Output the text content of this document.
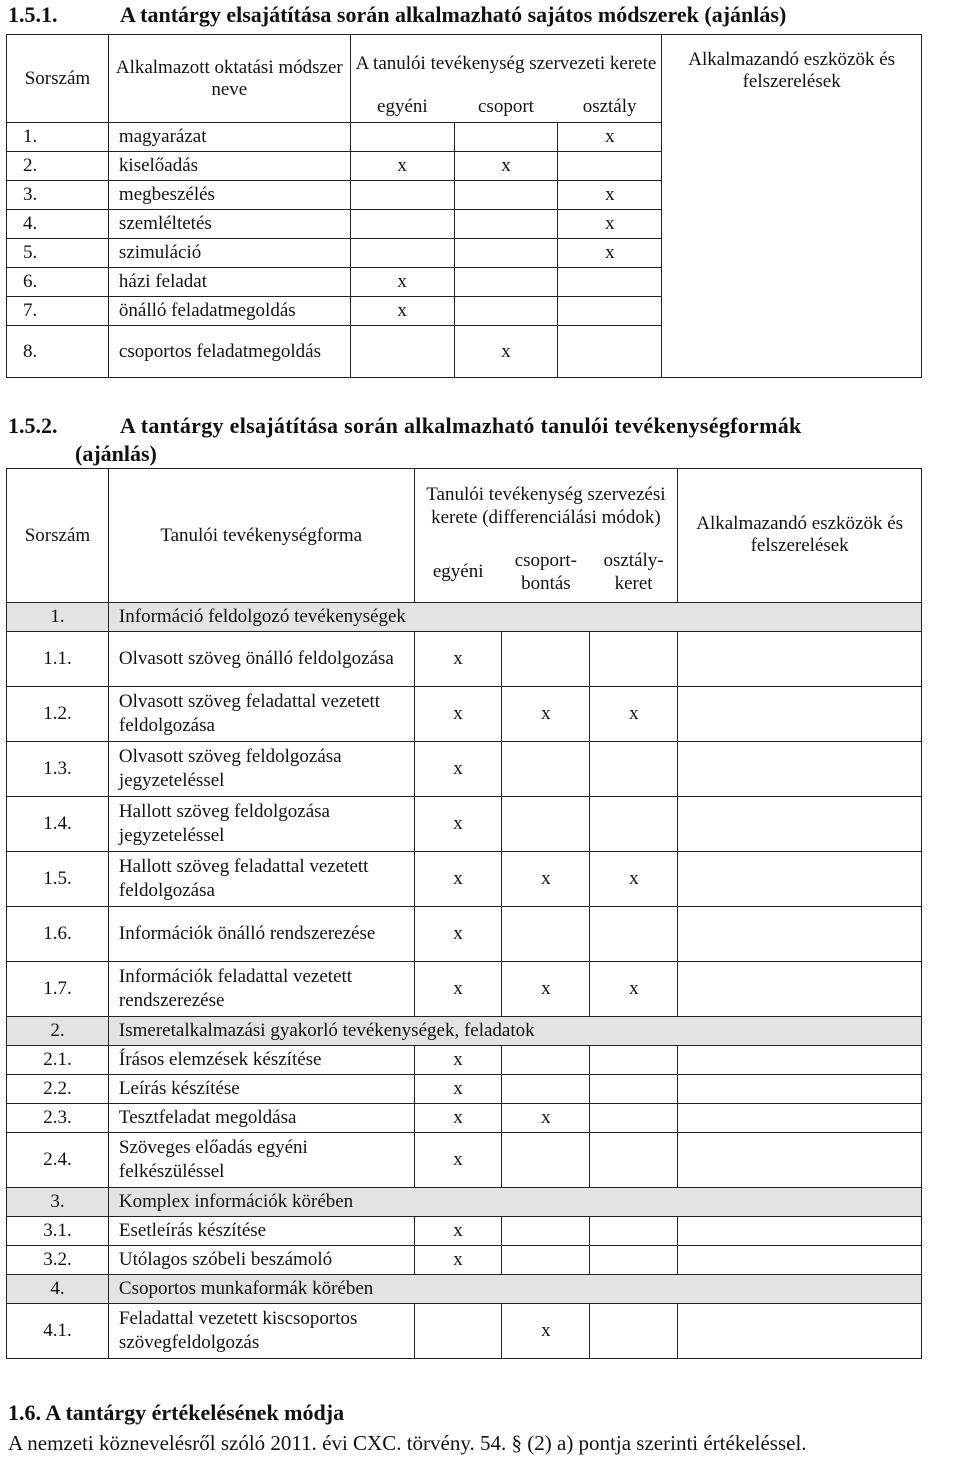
1.5.1.	A tantárgy elsajátítása során alkalmazható sajátos módszerek (ajánlás)
Sorszám	Alkalmazott oktatási módszer neve	A tanulói tevékenység szervezeti kerete			Alkalmazandó eszközök és felszerelések
		egyéni	csoport	osztály	
1.	magyarázat			x	
2.	kiselőadás	x	x		
3.	megbeszélés			x	
4.	szemléltetés			x	
5.	szimuláció			x	
6.	házi feladat	x			
7.	önálló feladatmegoldás	x			
8.	csoportos feladatmegoldás		x		
1.5.2.	A tantárgy elsajátítása során alkalmazható tanulói tevékenységformák
(ajánlás)
Sorszám	Tanulói tevékenységforma	Tanulói tevékenység szervezési kerete (differenciálási módok)			Alkalmazandó eszközök és felszerelések
		egyéni	csoport-bontás	osztály-keret	
1.	Információ feldolgozó tevékenységek				
1.1.	Olvasott szöveg önálló feldolgozása	x			
1.2.	Olvasott szöveg feladattal vezetett feldolgozása	x	x	x	
1.3.	Olvasott szöveg feldolgozása jegyzeteléssel	x			
1.4.	Hallott szöveg feldolgozása jegyzeteléssel	x			
1.5.	Hallott szöveg feladattal vezetett feldolgozása	x	x	x	
1.6.	Információk önálló rendszerezése	x			
1.7.	Információk feladattal vezetett rendszerezése	x	x	x	
2.	Ismeretalkalmazási gyakorló tevékenységek, feladatok				
2.1.	Írásos elemzések készítése	x			
2.2.	Leírás készítése	x			
2.3.	Tesztfeladat megoldása	x	x		
2.4.	Szöveges előadás egyéni felkészüléssel	x			
3.	Komplex információk körében				
3.1.	Esetleírás készítése	x			
3.2.	Utólagos szóbeli beszámoló	x			
4.	Csoportos munkaformák körében				
4.1.	Feladattal vezetett kiscsoportos szövegfeldolgozás		x		
1.6. A tantárgy értékelésének módja
A nemzeti köznevelésről szóló 2011. évi CXC. törvény. 54. § (2) a) pontja szerinti értékeléssel.
